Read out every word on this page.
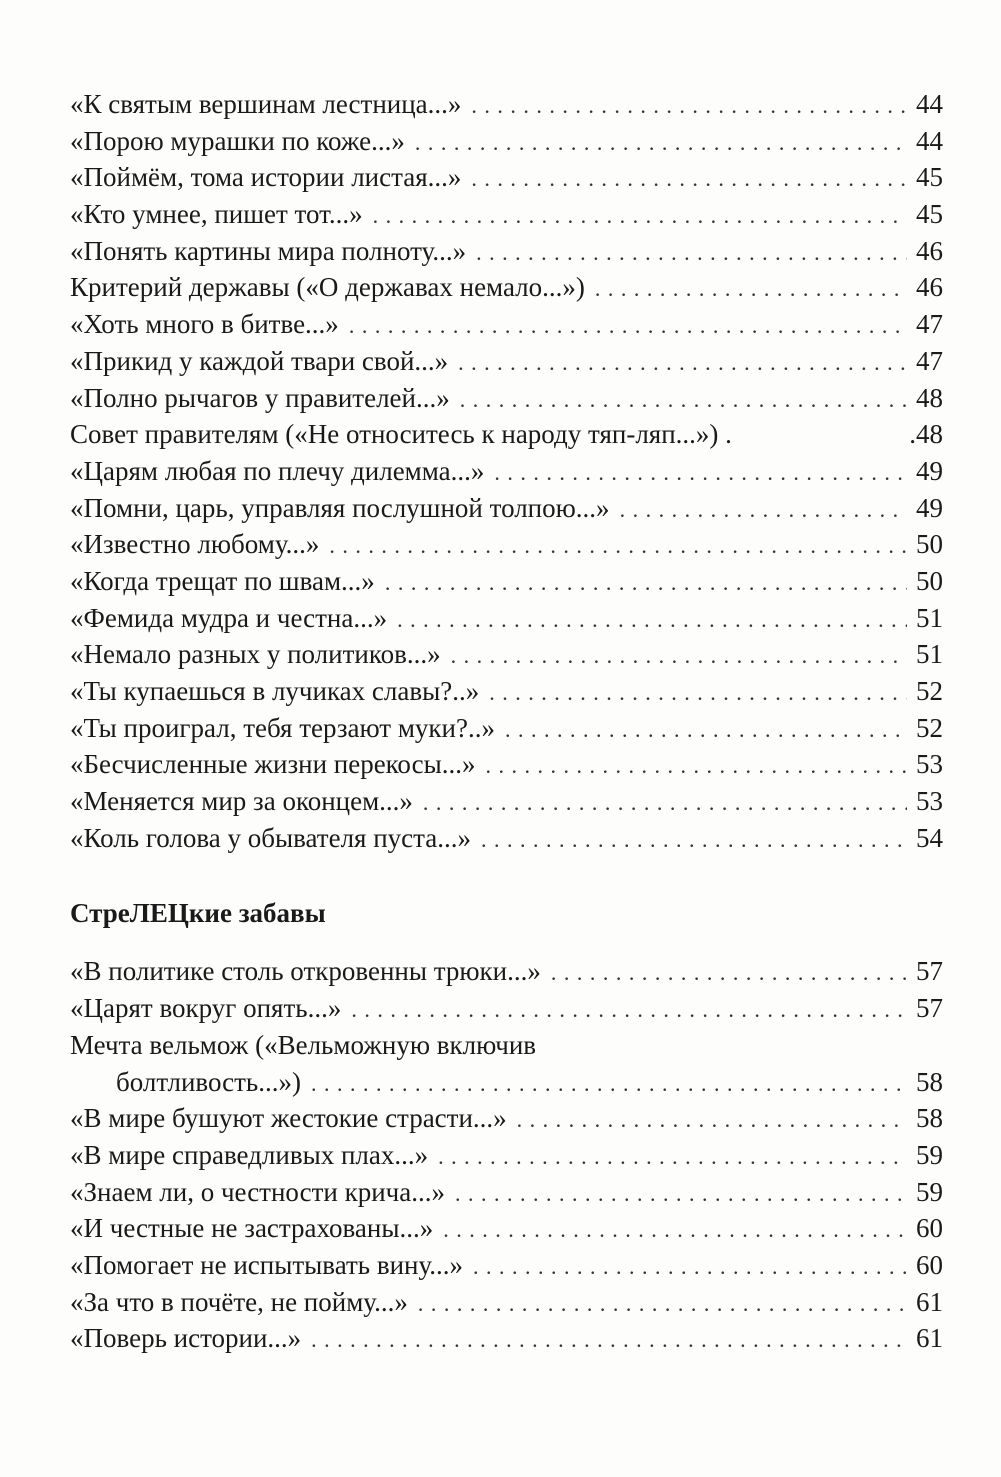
«К святым вершинам лестница...» . . .	44
«Порою мурашки по коже...» . . .	44
«Поймём, тома истории листая...» . . .	45
«Кто умнее, пишет тот...» . . .	45
«Понять картины мира полноту...» . . .	46
Критерий державы («О державах немало...») . . .	46
«Хоть много в битве...» . . .	47
«Прикид у каждой твари свой...» . . .	47
«Полно рычагов у правителей...» . . .	48
Совет правителям («Не относитесь к народу тяп-ляп...») .	.48
«Царям любая по плечу дилемма...» . . .	49
«Помни, царь, управляя послушной толпою...» . . .	49
«Известно любому...» . . .	50
«Когда трещат по швам...» . . .	50
«Фемида мудра и честна...» . . .	51
«Немало разных у политиков...» . . .	51
«Ты купаешься в лучиках славы?..» . . .	52
«Ты проиграл, тебя терзают муки?..» . . .	52
«Бесчисленные жизни перекосы...» . . .	53
«Меняется мир за оконцем...» . . .	53
«Коль голова у обывателя пуста...» . . .	54
СтреЛЕЦкие забавы
«В политике столь откровенны трюки...» . . .	57
«Царят вокруг опять...» . . .	57
Мечта вельмож («Вельможную включив
болтливость...») . . .	58
«В мире бушуют жестокие страсти...» . . .	58
«В мире справедливых плах...» . . .	59
«Знаем ли, о честности крича...» . . .	59
«И честные не застрахованы...» . . .	60
«Помогает не испытывать вину...» . . .	60
«За что в почёте, не пойму...» . . .	61
«Поверь истории...» . . .	61
